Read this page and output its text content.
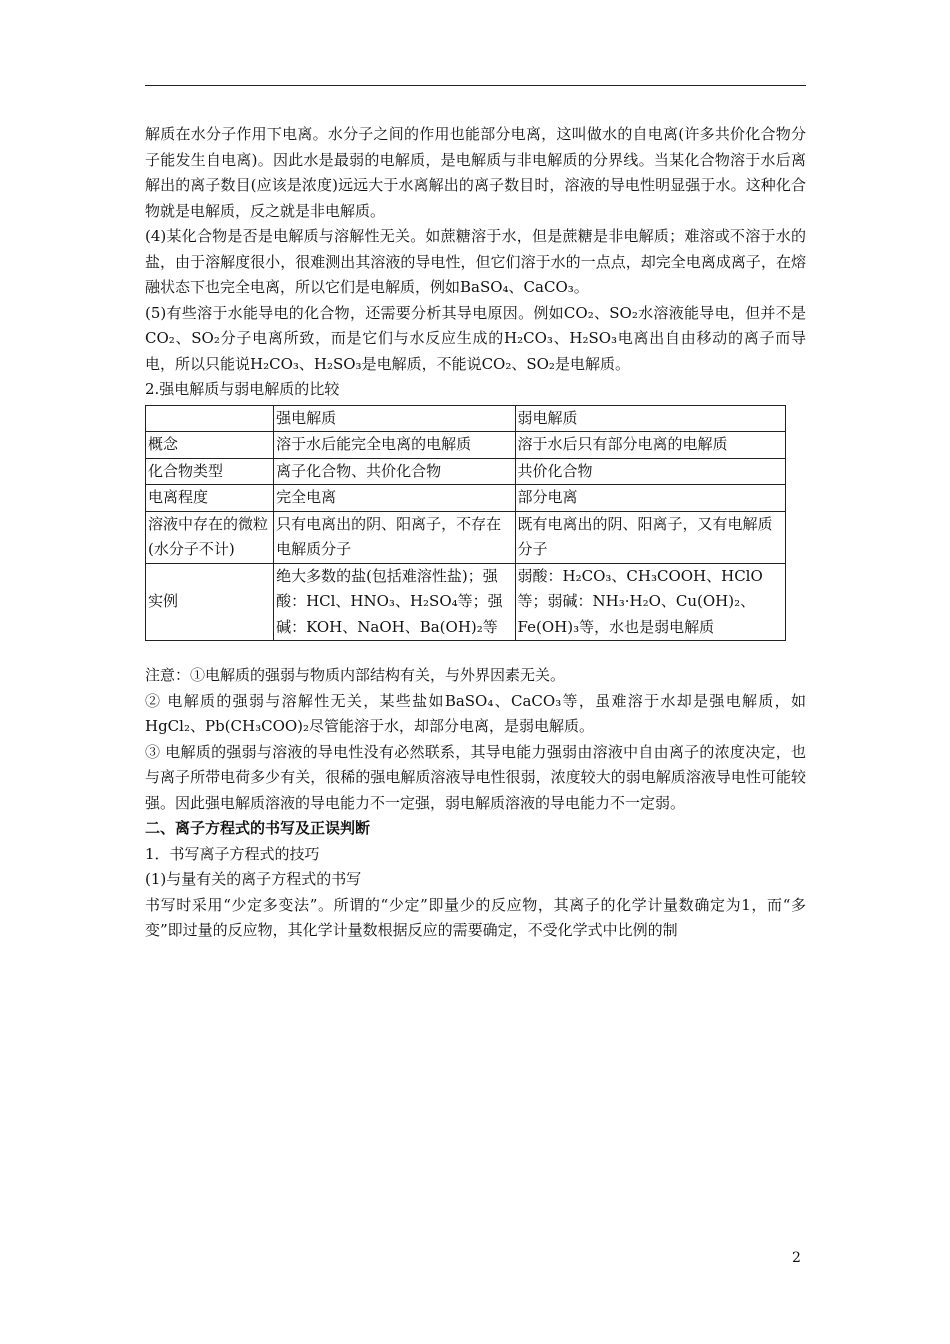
解质在水分子作用下电离。水分子之间的作用也能部分电离，这叫做水的自电离(许多共价化合物分子能发生自电离)。因此水是最弱的电解质，是电解质与非电解质的分界线。当某化合物溶于水后离解出的离子数目(应该是浓度)远远大于水离解出的离子数目时，溶液的导电性明显强于水。这种化合物就是电解质，反之就是非电解质。

(4)某化合物是否是电解质与溶解性无关。如蔗糖溶于水，但是蔗糖是非电解质；难溶或不溶于水的盐，由于溶解度很小，很难测出其溶液的导电性，但它们溶于水的一点点，却完全电离成离子，在熔融状态下也完全电离，所以它们是电解质，例如BaSO₄、CaCO₃。

(5)有些溶于水能导电的化合物，还需要分析其导电原因。例如CO₂、SO₂水溶液能导电，但并不是CO₂、SO₂分子电离所致，而是它们与水反应生成的H₂CO₃、H₂SO₃电离出自由移动的离子而导电，所以只能说H₂CO₃、H₂SO₃是电解质，不能说CO₂、SO₂是电解质。

2.强电解质与弱电解质的比较

	强电解质	弱电解质
概念	溶于水后能完全电离的电解质	溶于水后只有部分电离的电解质
化合物类型	离子化合物、共价化合物	共价化合物
电离程度	完全电离	部分电离
溶液中存在的微粒(水分子不计)	只有电离出的阴、阳离子，不存在电解质分子	既有电离出的阴、阳离子，又有电解质分子
实例	绝大多数的盐(包括难溶性盐)；强酸：HCl、HNO₃、H₂SO₄等；强碱：KOH、NaOH、Ba(OH)₂等	弱酸：H₂CO₃、CH₃COOH、HClO等；弱碱：NH₃·H₂O、Cu(OH)₂、Fe(OH)₃等，水也是弱电解质

注意：①电解质的强弱与物质内部结构有关，与外界因素无关。

② 电解质的强弱与溶解性无关，某些盐如BaSO₄、CaCO₃等，虽难溶于水却是强电解质，如HgCl₂、Pb(CH₃COO)₂尽管能溶于水，却部分电离，是弱电解质。

③ 电解质的强弱与溶液的导电性没有必然联系，其导电能力强弱由溶液中自由离子的浓度决定，也与离子所带电荷多少有关，很稀的强电解质溶液导电性很弱，浓度较大的弱电解质溶液导电性可能较强。因此强电解质溶液的导电能力不一定强，弱电解质溶液的导电能力不一定弱。

二、离子方程式的书写及正误判断

1．书写离子方程式的技巧

(1)与量有关的离子方程式的书写

书写时采用“少定多变法”。所谓的“少定”即量少的反应物，其离子的化学计量数确定为1，而“多变”即过量的反应物，其化学计量数根据反应的需要确定，不受化学式中比例的制

2
